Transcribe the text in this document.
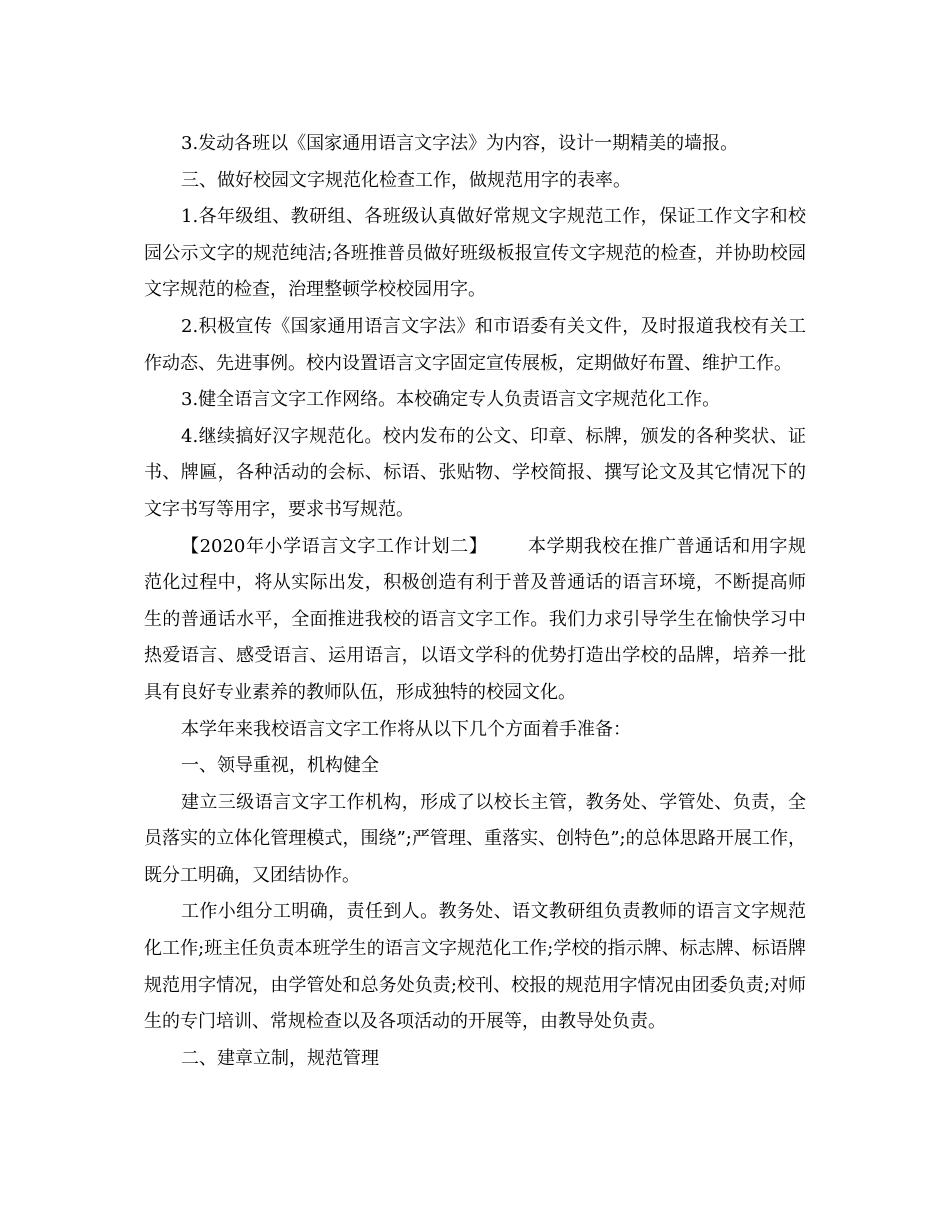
3.发动各班以《国家通用语言文字法》为内容，设计一期精美的墙报。

三、做好校园文字规范化检查工作，做规范用字的表率。

1.各年级组、教研组、各班级认真做好常规文字规范工作，保证工作文字和校园公示文字的规范纯洁;各班推普员做好班级板报宣传文字规范的检查，并协助校园文字规范的检查，治理整顿学校校园用字。

2.积极宣传《国家通用语言文字法》和市语委有关文件，及时报道我校有关工作动态、先进事例。校内设置语言文字固定宣传展板，定期做好布置、维护工作。

3.健全语言文字工作网络。本校确定专人负责语言文字规范化工作。

4.继续搞好汉字规范化。校内发布的公文、印章、标牌，颁发的各种奖状、证书、牌匾，各种活动的会标、标语、张贴物、学校简报、撰写论文及其它情况下的文字书写等用字，要求书写规范。

【2020年小学语言文字工作计划二】 本学期我校在推广普通话和用字规范化过程中，将从实际出发，积极创造有利于普及普通话的语言环境，不断提高师生的普通话水平，全面推进我校的语言文字工作。我们力求引导学生在愉快学习中热爱语言、感受语言、运用语言，以语文学科的优势打造出学校的品牌，培养一批具有良好专业素养的教师队伍，形成独特的校园文化。

本学年来我校语言文字工作将从以下几个方面着手准备：

一、领导重视，机构健全

建立三级语言文字工作机构，形成了以校长主管，教务处、学管处、负责，全员落实的立体化管理模式，围绕”;严管理、重落实、创特色”;的总体思路开展工作，既分工明确，又团结协作。

工作小组分工明确，责任到人。教务处、语文教研组负责教师的语言文字规范化工作;班主任负责本班学生的语言文字规范化工作;学校的指示牌、标志牌、标语牌规范用字情况，由学管处和总务处负责;校刊、校报的规范用字情况由团委负责;对师生的专门培训、常规检查以及各项活动的开展等，由教导处负责。

二、建章立制，规范管理
